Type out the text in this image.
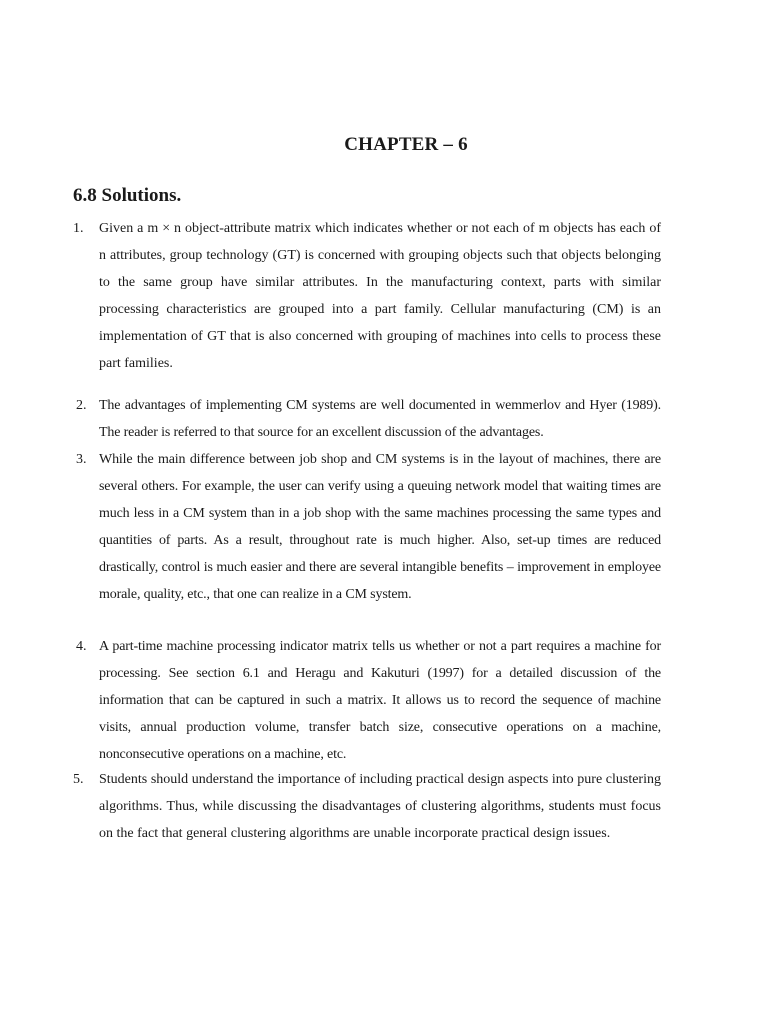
CHAPTER – 6
6.8 Solutions.
1.	Given a m × n object-attribute matrix which indicates whether or not each of m objects has each of n attributes, group technology (GT) is concerned with grouping objects such that objects belonging to the same group have similar attributes. In the manufacturing context, parts with similar processing characteristics are grouped into a part family. Cellular manufacturing (CM) is an implementation of GT that is also concerned with grouping of machines into cells to process these part families.
2. The advantages of implementing CM systems are well documented in wemmerlov and Hyer (1989). The reader is referred to that source for an excellent discussion of the advantages.
3. While the main difference between job shop and CM systems is in the layout of machines, there are several others. For example, the user can verify using a queuing network model that waiting times are much less in a CM system than in a job shop with the same machines processing the same types and quantities of parts. As a result, throughout rate is much higher. Also, set-up times are reduced drastically, control is much easier and there are several intangible benefits – improvement in employee morale, quality, etc., that one can realize in a CM system.
4. A part-time machine processing indicator matrix tells us whether or not a part requires a machine for processing. See section 6.1 and Heragu and Kakuturi (1997) for a detailed discussion of the information that can be captured in such a matrix. It allows us to record the sequence of machine visits, annual production volume, transfer batch size, consecutive operations on a machine, nonconsecutive operations on a machine, etc.
5.	Students should understand the importance of including practical design aspects into pure clustering algorithms. Thus, while discussing the disadvantages of clustering algorithms, students must focus on the fact that general clustering algorithms are unable incorporate practical design issues.
